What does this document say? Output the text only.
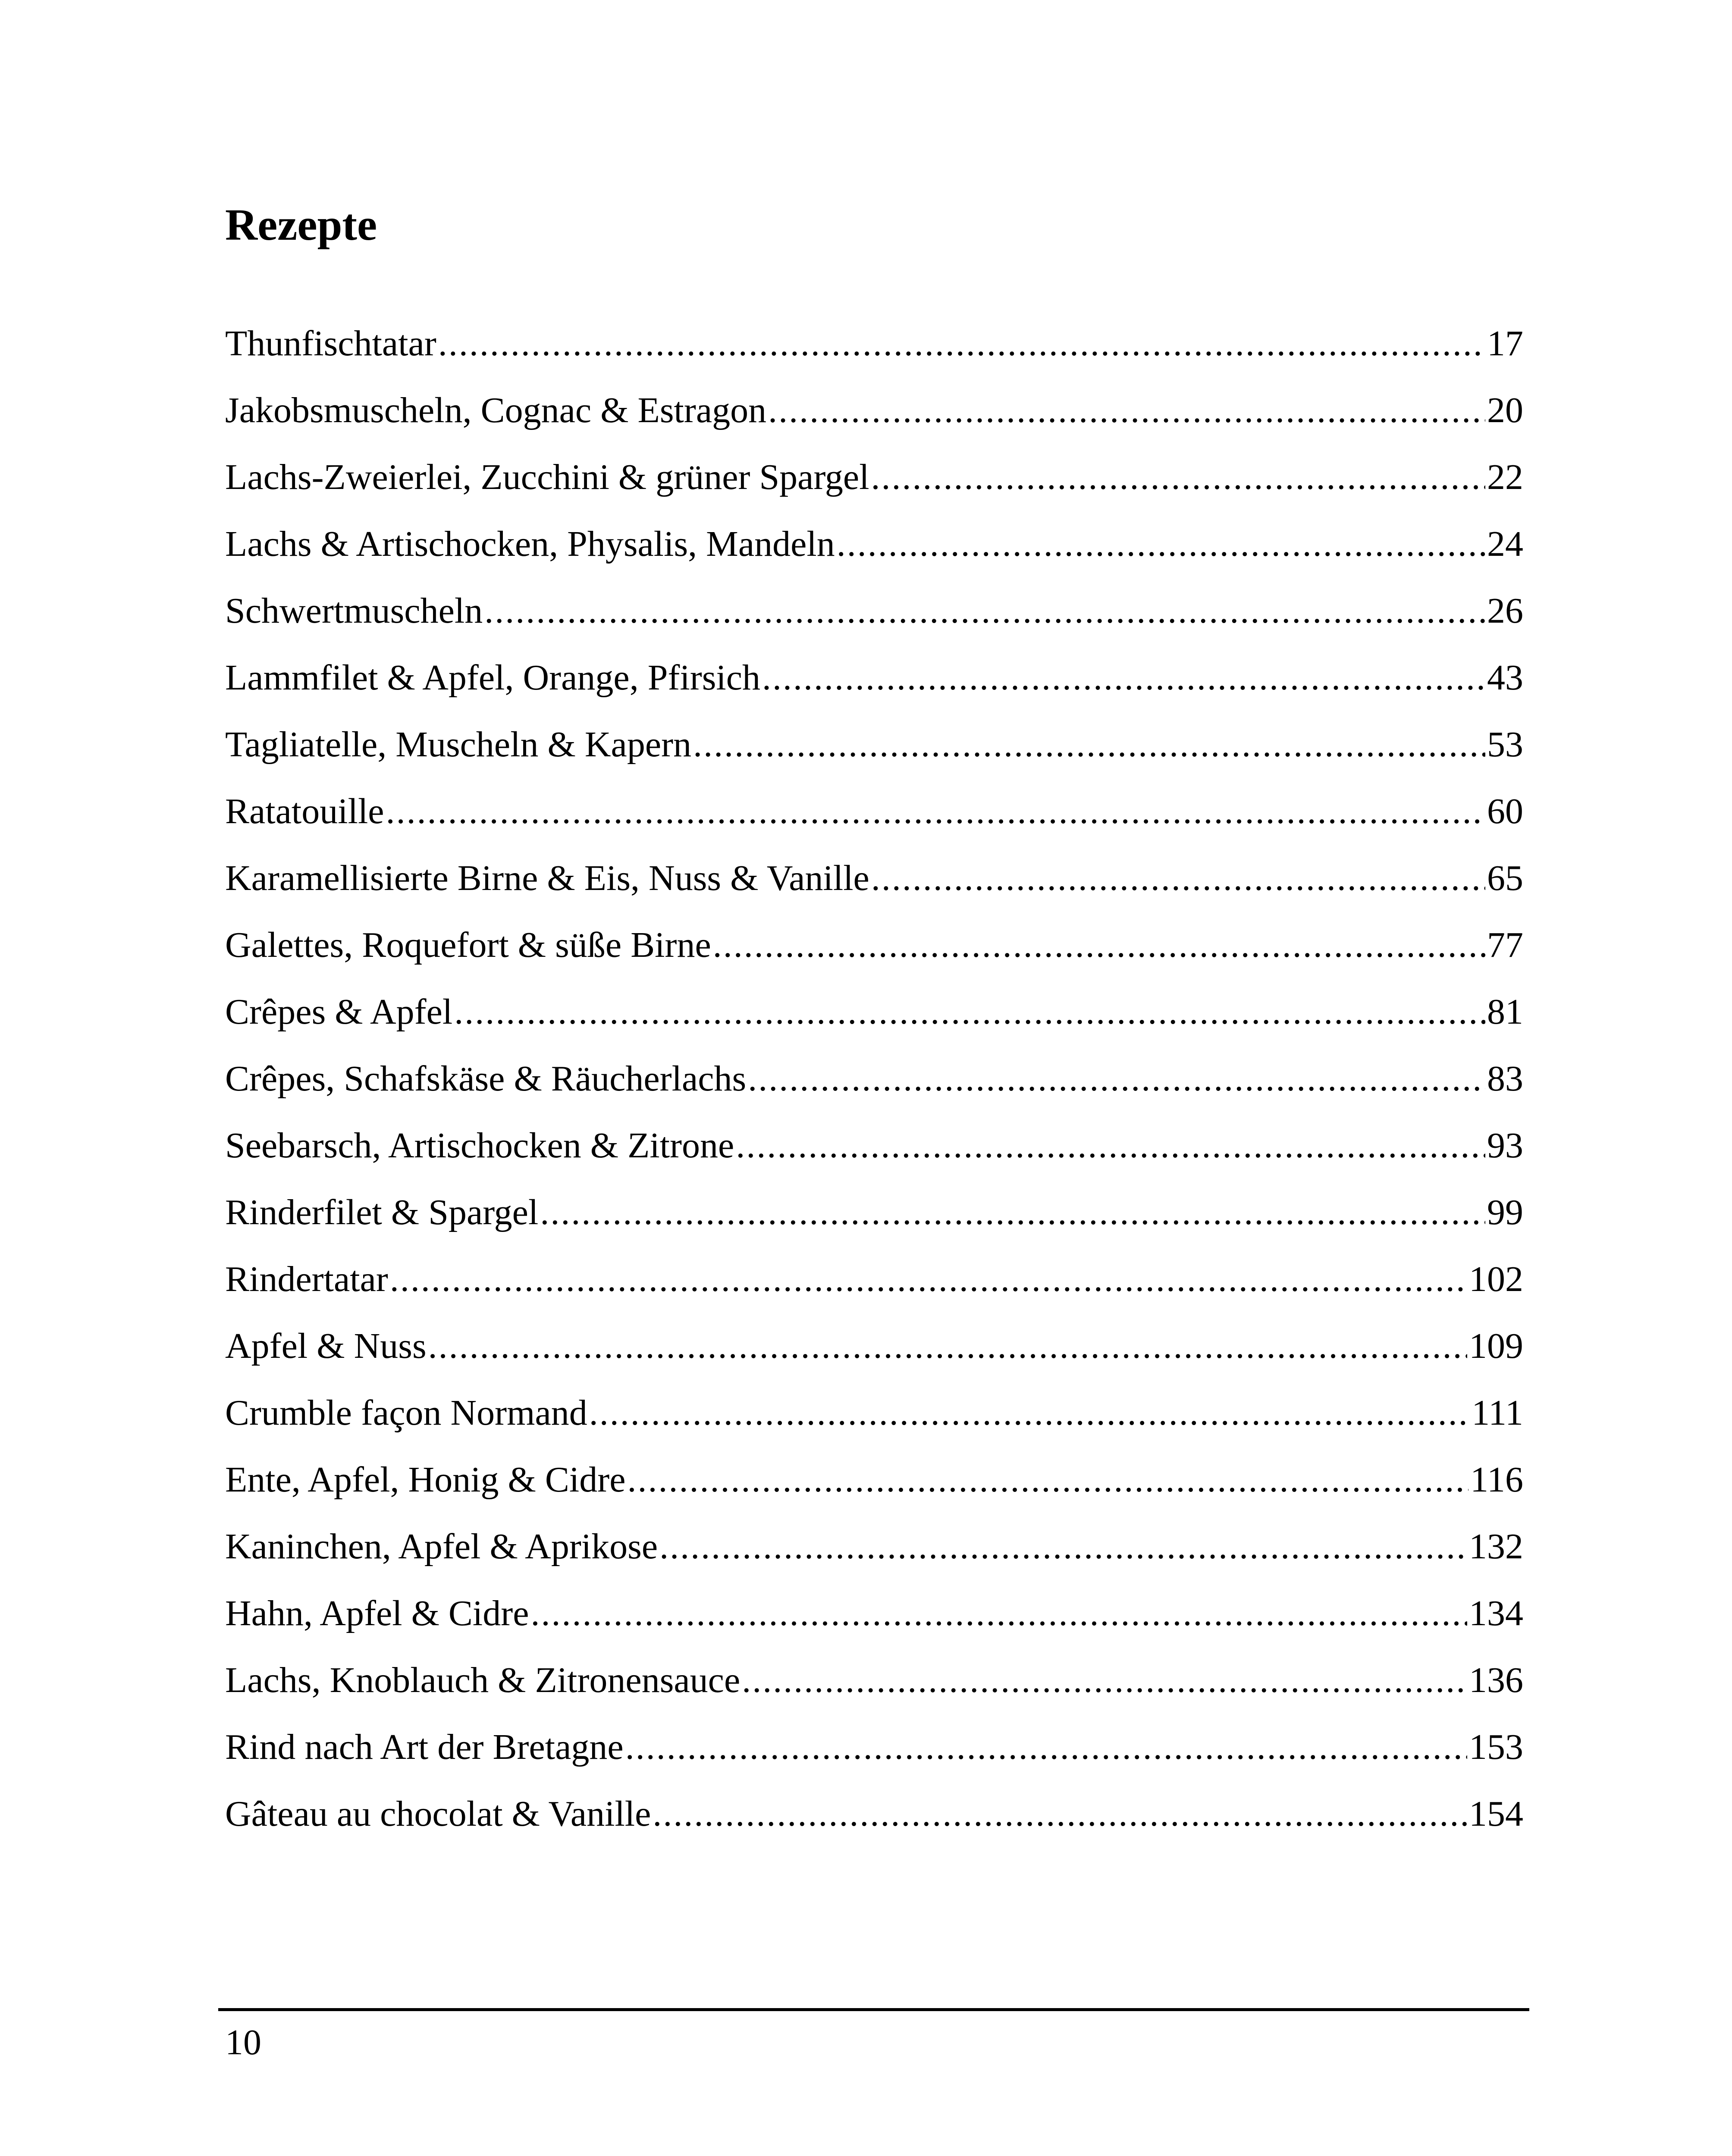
Rezepte
Thunfischtatar .....	17
Jakobsmuscheln, Cognac & Estragon .....	20
Lachs-Zweierlei, Zucchini & grüner Spargel .....	22
Lachs & Artischocken, Physalis, Mandeln .....	24
Schwertmuscheln .....	26
Lammfilet & Apfel, Orange, Pfirsich .....	43
Tagliatelle, Muscheln & Kapern .....	53
Ratatouille .....	60
Karamellisierte Birne & Eis, Nuss & Vanille .....	65
Galettes, Roquefort & süße Birne .....	77
Crêpes & Apfel .....	81
Crêpes, Schafskäse & Räucherlachs .....	83
Seebarsch, Artischocken & Zitrone .....	93
Rinderfilet & Spargel .....	99
Rindertatar .....	102
Apfel & Nuss .....	109
Crumble façon Normand .....	111
Ente, Apfel, Honig & Cidre .....	116
Kaninchen, Apfel & Aprikose .....	132
Hahn, Apfel & Cidre .....	134
Lachs, Knoblauch & Zitronensauce .....	136
Rind nach Art der Bretagne .....	153
Gâteau au chocolat & Vanille .....	154
10
